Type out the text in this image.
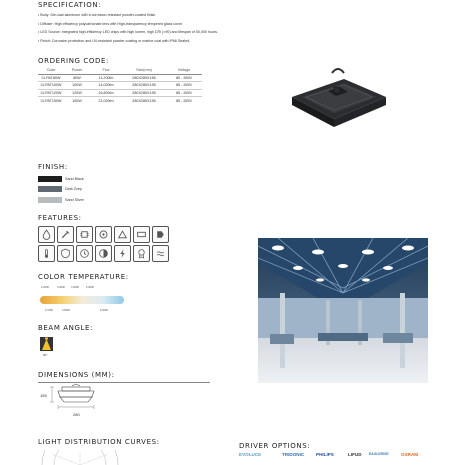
SPECIFICATION:
• Body: Die-cast aluminum with a corrosion-resistant powder-coated finish.
• Diffuser: High efficiency polycarbonate lens with High-transparency tempered glass cover.
• LED Source: Integrated high-efficiency LED chips with high lumen, high CRI (>90) and lifespan of 50,000 hours.
• Finish: Corrosion protection and UV-resistant powder coating or marine coat with IP66 Sealed.
ORDERING CODE:
Code	Power	Flux	Size(mm)	Voltage
CLPAT80W	80W	11,200lm	280X280X155	85 - 265V
CLPAT100W	100W	14,000lm	280X280X155	85 - 265V
CLPAT120W	120W	16,800lm	280X280X155	85 - 265V
CLPAT150W	150W	21,000lm	280X280X155	85 - 265V
FINISH:
Sand Black
Dark Grey
Sand Silver
FEATURES:
COLOR TEMPERATURE:
2,200K	3,000K 4,000K	5,000K
2,700K	3,500K	6,500K
BEAM ANGLE:
90°
DIMENSIONS (MM):
155
280
LIGHT DISTRIBUTION CURVES:	DRIVER OPTIONS:
EVOLUCE	TRIDONIC	PHILIPS	LIFUD EAGLERISE	OSRAM
